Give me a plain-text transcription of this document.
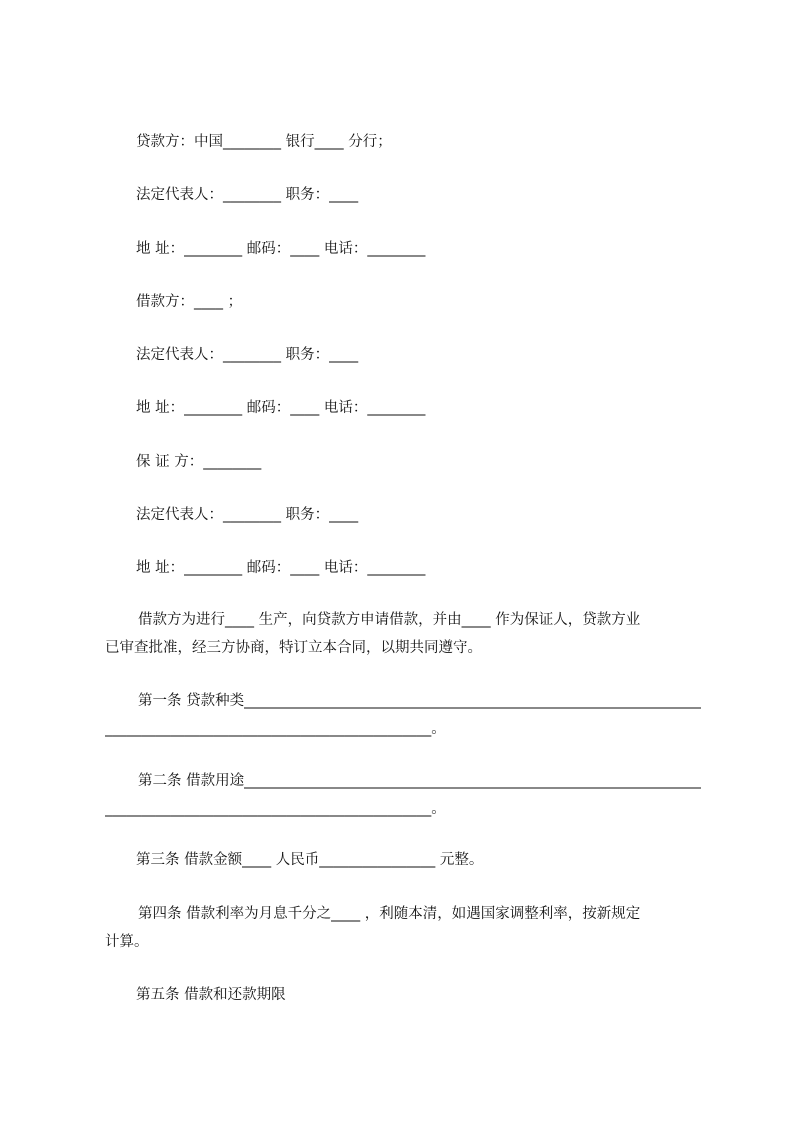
贷款方：中国________ 银行____ 分行；
法定代表人：________ 职务：____
地 址：________ 邮码：____ 电话：________
借款方：____ ；
法定代表人：________ 职务：____
地 址：________ 邮码：____ 电话：________
保 证 方：________
法定代表人：________ 职务：____
地 址：________ 邮码：____ 电话：________
借款方为进行____ 生产，向贷款方申请借款，并由____ 作为保证人，贷款方业
已审查批准，经三方协商，特订立本合同，以期共同遵守。
第一条 贷款种类_______________________________________________________________
_____________________________________________。
第二条 借款用途_______________________________________________________________
_____________________________________________。
第三条 借款金额____ 人民币________________ 元整。
第四条 借款利率为月息千分之____ ，利随本清，如遇国家调整利率，按新规定
计算。
第五条 借款和还款期限
